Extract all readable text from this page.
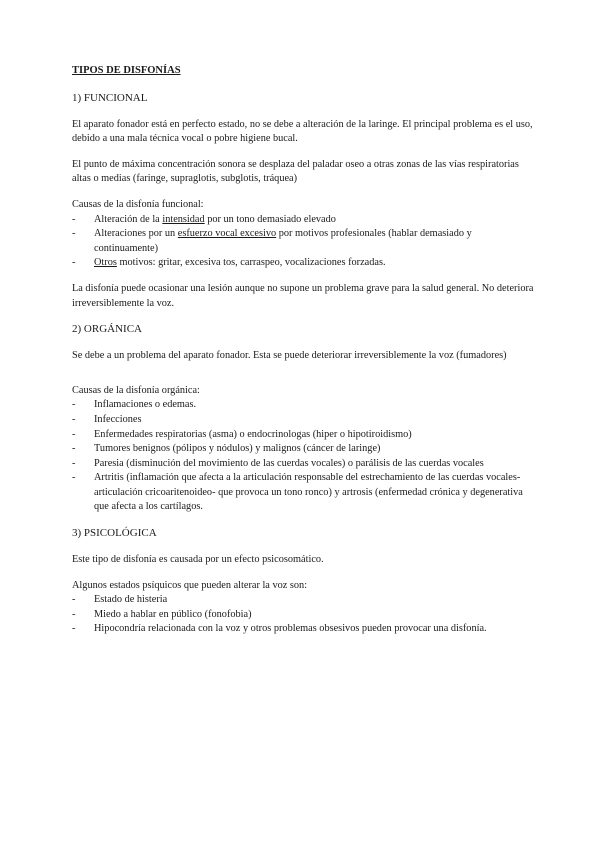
TIPOS DE DISFONÍAS
1) FUNCIONAL

El aparato fonador está en perfecto estado, no se debe a alteración de la laringe. El principal problema es el uso, debido a una mala técnica vocal o pobre higiene bucal.

El punto de máxima concentración sonora se desplaza del paladar oseo a otras zonas de las vías respiratorias altas o medias (faringe, supraglotis, subglotis, tráquea)

Causas de la disfonía funcional:

-	Alteración de la intensidad por un tono demasiado elevado
-	Alteraciones por un esfuerzo vocal excesivo por motivos profesionales (hablar demasiado y continuamente)
-	Otros motivos: gritar, excesiva tos, carraspeo, vocalizaciones forzadas.

La disfonía puede ocasionar una lesión aunque no supone un problema grave para la salud general. No deteriora irreversiblemente la voz.

2) ORGÁNICA

Se debe a un problema del aparato fonador. Esta se puede deteriorar irreversiblemente la voz (fumadores)

Causas de la disfonía orgánica:

-	Inflamaciones o edemas.
-	Infecciones
-	Enfermedades respiratorias (asma) o endocrinologas (hiper o hipotiroidismo)
-	Tumores benignos (pólipos y nódulos) y malignos (cáncer de laringe)
-	Paresia (disminución del movimiento de las cuerdas vocales) o parálisis de las cuerdas vocales
-	Artritis (inflamación que afecta a la articulación responsable del estrechamiento de las cuerdas vocales- articulación cricoaritenoideo- que provoca un tono ronco) y artrosis (enfermedad crónica y degenerativa que afecta a los cartílagos.
3) PSICOLÓGICA

Este tipo de disfonía es causada por un efecto psicosomático.

Algunos estados psíquicos que pueden alterar la voz son:

-	Estado de histeria
-	Miedo a hablar en público (fonofobia)
-	Hipocondría relacionada con la voz y otros problemas obsesivos pueden provocar una disfonía.
